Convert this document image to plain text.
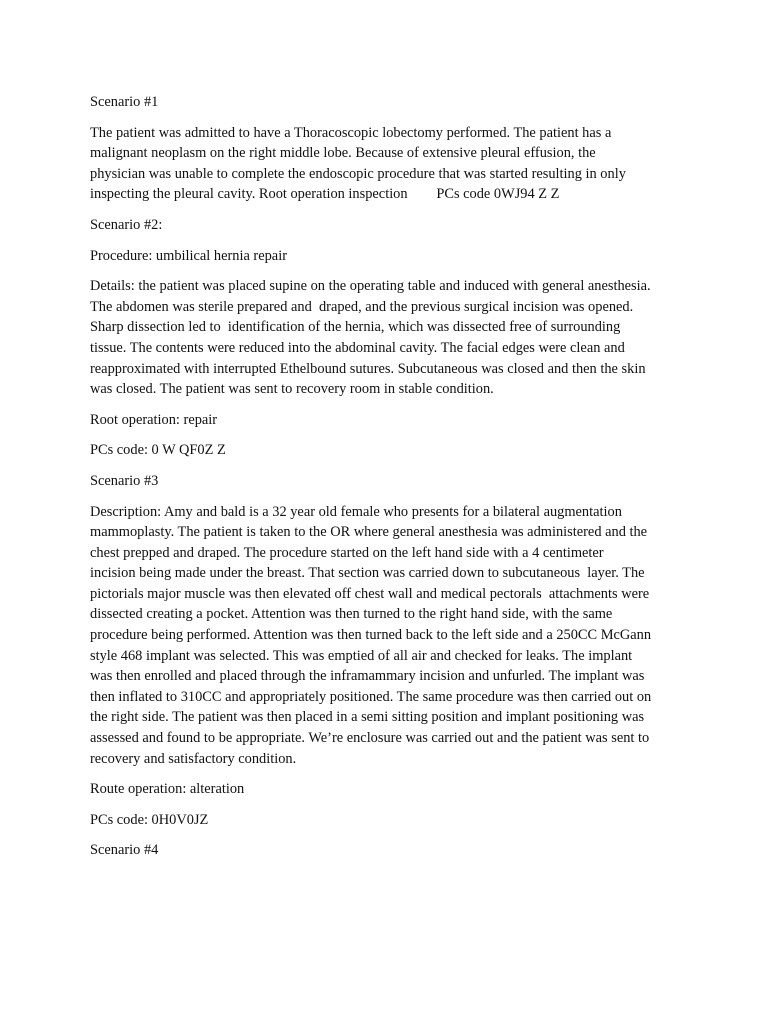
Scenario #1

The patient was admitted to have a Thoracoscopic lobectomy performed. The patient has a
malignant neoplasm on the right middle lobe. Because of extensive pleural effusion, the
physician was unable to complete the endoscopic procedure that was started resulting in only
inspecting the pleural cavity. Root operation inspection        PCs code 0WJ94 Z Z

Scenario #2:

Procedure: umbilical hernia repair

Details: the patient was placed supine on the operating table and induced with general anesthesia.
The abdomen was sterile prepared and  draped, and the previous surgical incision was opened.
Sharp dissection led to  identification of the hernia, which was dissected free of surrounding
tissue. The contents were reduced into the abdominal cavity. The facial edges were clean and
reapproximated with interrupted Ethelbound sutures. Subcutaneous was closed and then the skin
was closed. The patient was sent to recovery room in stable condition.

Root operation: repair

PCs code: 0 W QF0Z Z

Scenario #3

Description: Amy and bald is a 32 year old female who presents for a bilateral augmentation
mammoplasty. The patient is taken to the OR where general anesthesia was administered and the
chest prepped and draped. The procedure started on the left hand side with a 4 centimeter
incision being made under the breast. That section was carried down to subcutaneous  layer. The
pictorials major muscle was then elevated off chest wall and medical pectorals  attachments were
dissected creating a pocket. Attention was then turned to the right hand side, with the same
procedure being performed. Attention was then turned back to the left side and a 250CC McGann
style 468 implant was selected. This was emptied of all air and checked for leaks. The implant
was then enrolled and placed through the inframammary incision and unfurled. The implant was
then inflated to 310CC and appropriately positioned. The same procedure was then carried out on
the right side. The patient was then placed in a semi sitting position and implant positioning was
assessed and found to be appropriate. We’re enclosure was carried out and the patient was sent to
recovery and satisfactory condition.

Route operation: alteration

PCs code: 0H0V0JZ

Scenario #4
